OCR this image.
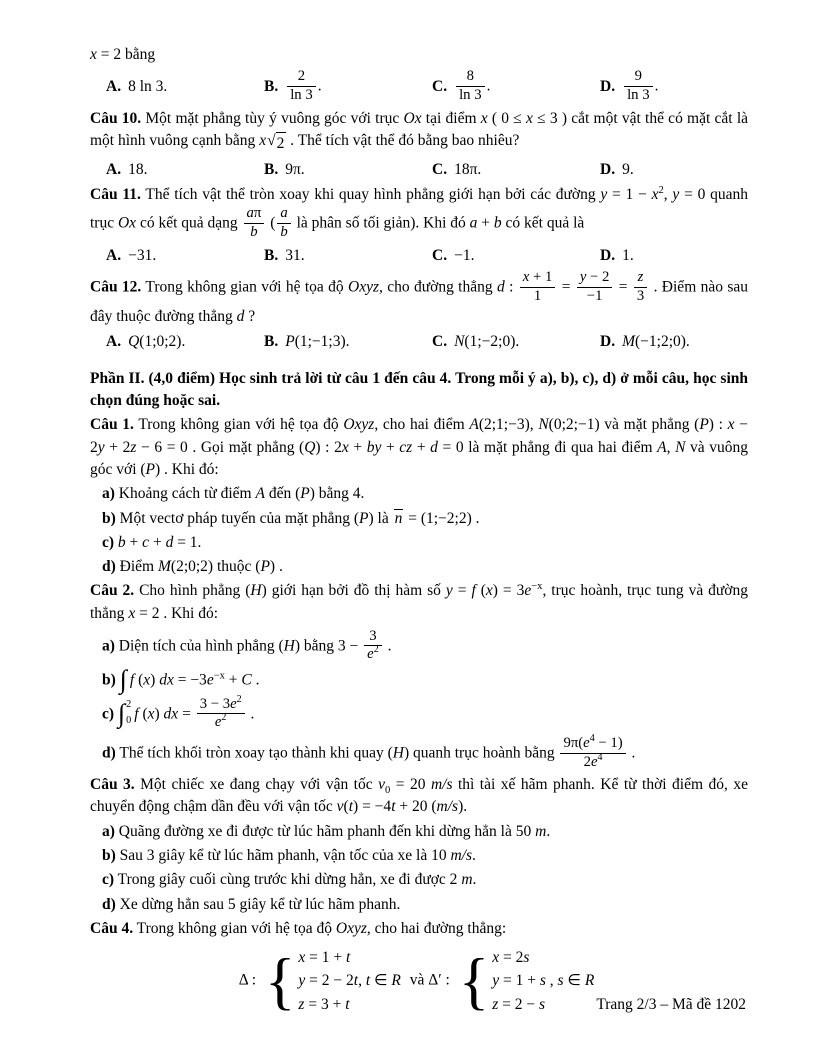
x = 2 bằng
A. 8 ln 3.	B. $\frac{2}{\ln 3}$ .	C. $\frac{8}{\ln 3}$ .	D. $\frac{9}{\ln 3}$ .
Câu 10. Một mặt phẳng tùy ý vuông góc với trục Ox tại điểm x ( 0 ≤ x ≤ 3 ) cắt một vật thể có mặt cắt là một hình vuông cạnh bằng x √ 2 . Thể tích vật thể đó bằng bao nhiêu?
A. 18.	B. 9π.	C. 18π.	D. 9.
Câu 11. Thể tích vật thể tròn xoay khi quay hình phẳng giới hạn bởi các đường $y = 1 - x^2$, y = 0 quanh trục Ox có kết quả dạng $\frac{a\pi}{b}$ ( $\frac{a}{b}$ là phân số tối giản). Khi đó a + b có kết quả là
A. −31.	B. 31.	C. −1.	D. 1.
Câu 12. Trong không gian với hệ tọa độ Oxyz, cho đường thẳng d : $\frac{x + 1}{1} = \frac{y - 2}{-1} = \frac{z}{3}$ . Điểm nào sau đây thuộc đường thẳng d ?
A. Q(1;0;2).	B. P(1;−1;3).	C. N(1;−2;0).	D. M(−1;2;0).
Phần II. (4,0 điểm) Học sinh trả lời từ câu 1 đến câu 4. Trong mỗi ý a), b), c), d) ở mỗi câu, học sinh chọn đúng hoặc sai.
Câu 1. Trong không gian với hệ tọa độ Oxyz, cho hai điểm A(2;1;−3), N(0;2;−1) và mặt phẳng (P) : x − 2y + 2z − 6 = 0 . Gọi mặt phẳng (Q) : 2x + by + cz + d = 0 là mặt phẳng đi qua hai điểm A, N và vuông góc với (P) . Khi đó:
a) Khoảng cách từ điểm A đến (P) bằng 4.
b) Một vectơ pháp tuyến của mặt phẳng (P) là n = (1;−2;2) .
c) b + c + d = 1.
d) Điểm M(2;0;2) thuộc (P) .
Câu 2. Cho hình phẳng (H) giới hạn bởi đồ thị hàm số y = f $(x) = 3e^{-x}$, trục hoành, trục tung và đường thẳng x = 2 . Khi đó:
a) Diện tích của hình phẳng (H) bằng $3 - \frac{3}{e^2}$ .
b) ∫ f (x) dx = $-3e^{-x} + C$ .
c) ∫ 2
0 f (x) dx = $\frac{3 - 3e^2}{e^2}$ .
d) Thể tích khối tròn xoay tạo thành khi quay (H) quanh trục hoành bằng $\frac{9\pi(e^4 - 1)}{2e^4}$ .
Câu 3. Một chiếc xe đang chạy với vận tốc $v_0 = 20$ m/s thì tài xế hãm phanh. Kể từ thời điểm đó, xe chuyển động chậm dần đều với vận tốc v(t) = −4t + 20 (m/s).
a) Quãng đường xe đi được từ lúc hãm phanh đến khi dừng hẳn là 50 m.
b) Sau 3 giây kể từ lúc hãm phanh, vận tốc của xe là 10 m/s.
c) Trong giây cuối cùng trước khi dừng hẳn, xe đi được 2 m.
d) Xe dừng hẳn sau 5 giây kể từ lúc hãm phanh.
Câu 4. Trong không gian với hệ tọa độ Oxyz, cho hai đường thẳng:
Δ : { x = 1 + t
y = 2 − 2t, t ∈ R
z = 3 + t
và Δ′ : { x = 2s
y = 1 + s , s ∈ R
z = 2 − s	Trang 2/3 – Mã đề 1202
